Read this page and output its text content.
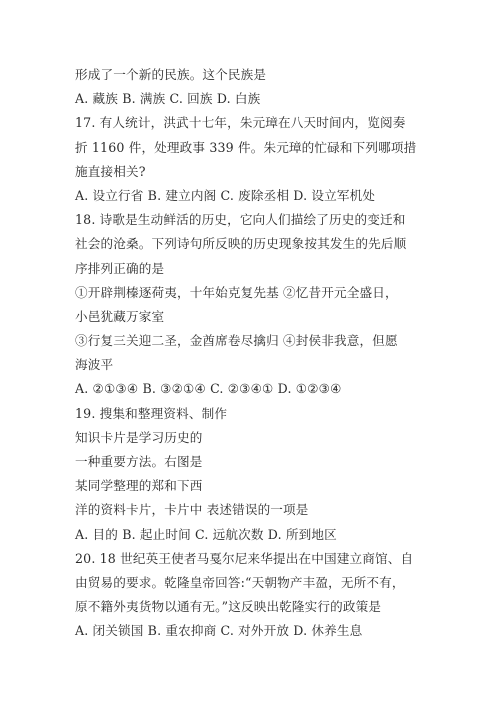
形成了一个新的民族。这个民族是
A. 藏族 B. 满族 C. 回族 D. 白族
17. 有人统计，洪武十七年，朱元璋在八天时间内，览阅奏
折 1160 件，处理政事 339 件。朱元璋的忙碌和下列哪项措
施直接相关?
A. 设立行省 B. 建立内阁 C. 废除丞相 D. 设立军机处
18. 诗歌是生动鲜活的历史，它向人们描绘了历史的变迁和
社会的沧桑。下列诗句所反映的历史现象按其发生的先后顺
序排列正确的是
①开辟荆榛逐荷夷，十年始克复先基 ②忆昔开元全盛日，
小邑犹藏万家室
③行复三关迎二圣，金酋席卷尽擒归 ④封侯非我意，但愿
海波平
A. ②①③④ B. ③②①④ C. ②③④① D. ①②③④
19. 搜集和整理资料、制作
知识卡片是学习历史的
一种重要方法。右图是
某同学整理的郑和下西
洋的资料卡片，卡片中 表述错误的一项是
A. 目的 B. 起止时间 C. 远航次数 D. 所到地区
20. 18 世纪英王使者马戛尔尼来华提出在中国建立商馆、自
由贸易的要求。乾隆皇帝回答:“天朝物产丰盈，无所不有，
原不籍外夷货物以通有无。”这反映出乾隆实行的政策是
A. 闭关锁国 B. 重农抑商 C. 对外开放 D. 休养生息
